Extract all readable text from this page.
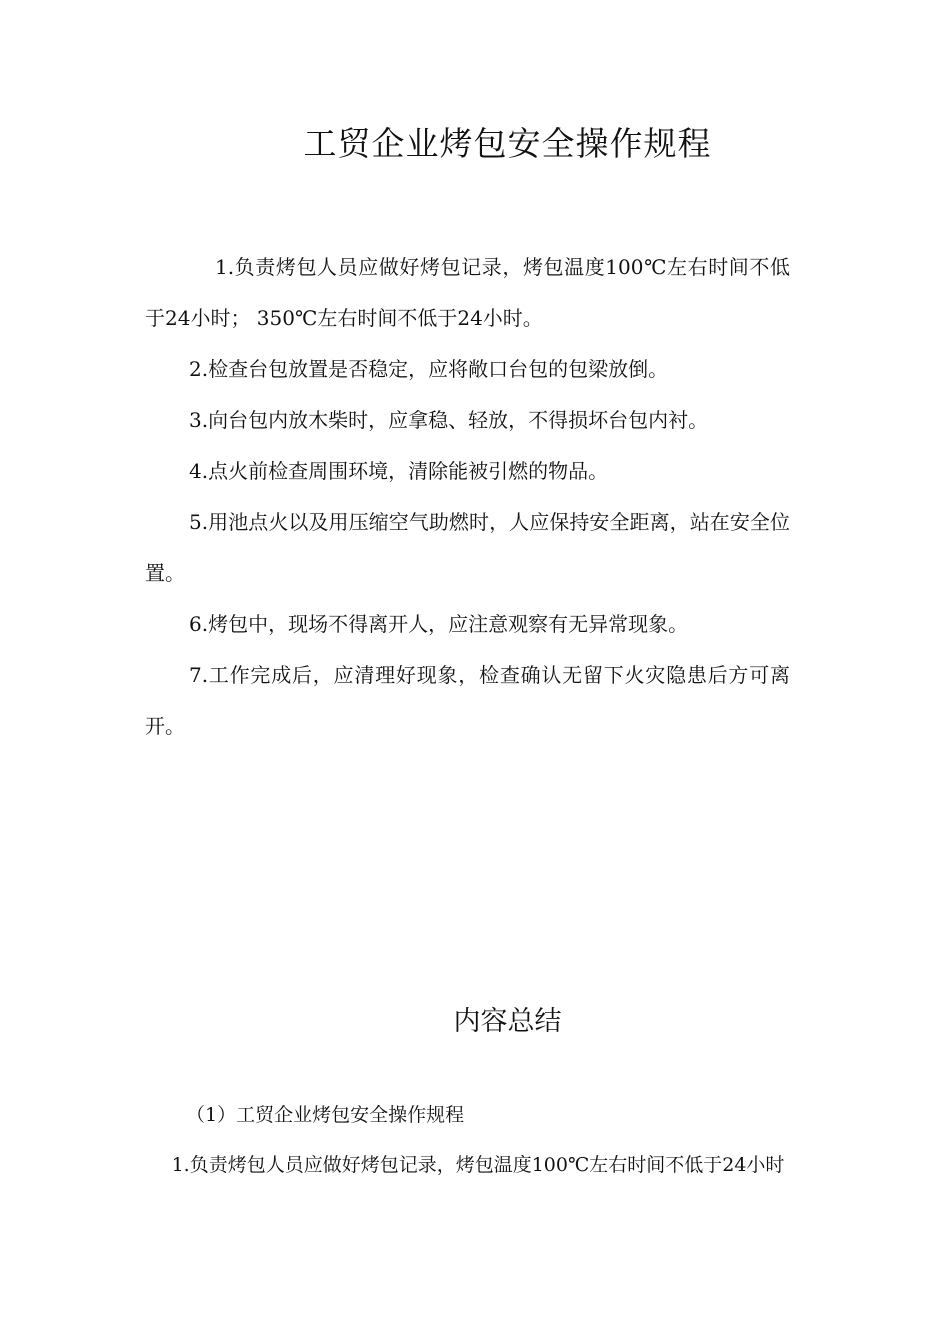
工贸企业烤包安全操作规程

1.负责烤包人员应做好烤包记录，烤包温度100℃左右时间不低于24小时； 350℃左右时间不低于24小时。

2.检查台包放置是否稳定，应将敞口台包的包梁放倒。

3.向台包内放木柴时，应拿稳、轻放，不得损坏台包内衬。

4.点火前检查周围环境，清除能被引燃的物品。

5.用池点火以及用压缩空气助燃时，人应保持安全距离，站在安全位置。

6.烤包中，现场不得离开人，应注意观察有无异常现象。

7.工作完成后，应清理好现象，检查确认无留下火灾隐患后方可离开。

内容总结

（1）工贸企业烤包安全操作规程

1.负责烤包人员应做好烤包记录，烤包温度100℃左右时间不低于24小时
